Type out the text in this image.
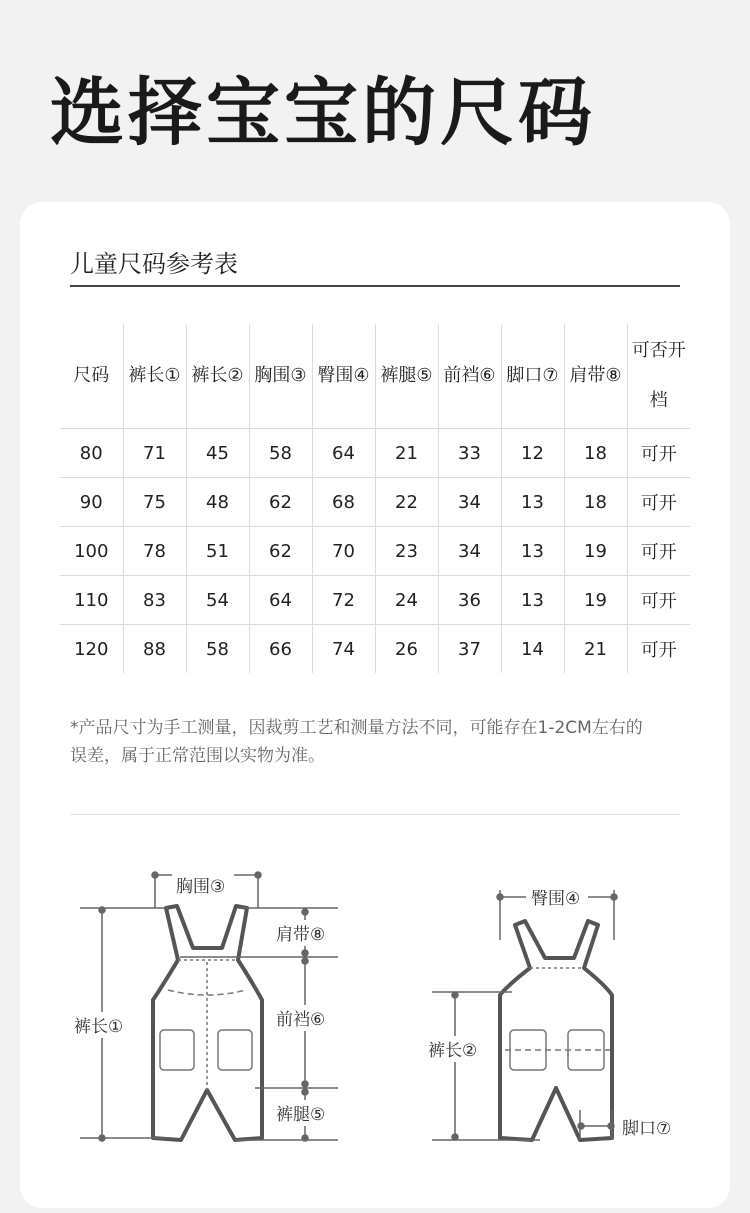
选择宝宝的尺码
儿童尺码参考表
尺码	裤长①	裤长②	胸围③	臀围④	裤腿⑤	前裆⑥	脚口⑦	肩带⑧	可否开
档
80	71	45	58	64	21	33	12	18	可开
90	75	48	62	68	22	34	13	18	可开
100	78	51	62	70	23	34	13	19	可开
110	83	54	64	72	24	36	13	19	可开
120	88	58	66	74	26	37	14	21	可开
*产品尺寸为手工测量，因裁剪工艺和测量方法不同，可能存在1-2CM左右的
误差，属于正常范围以实物为准。
胸围③
肩带⑧
裤长①	前裆⑥
裤腿⑤
臀围④
裤长②
脚口⑦
